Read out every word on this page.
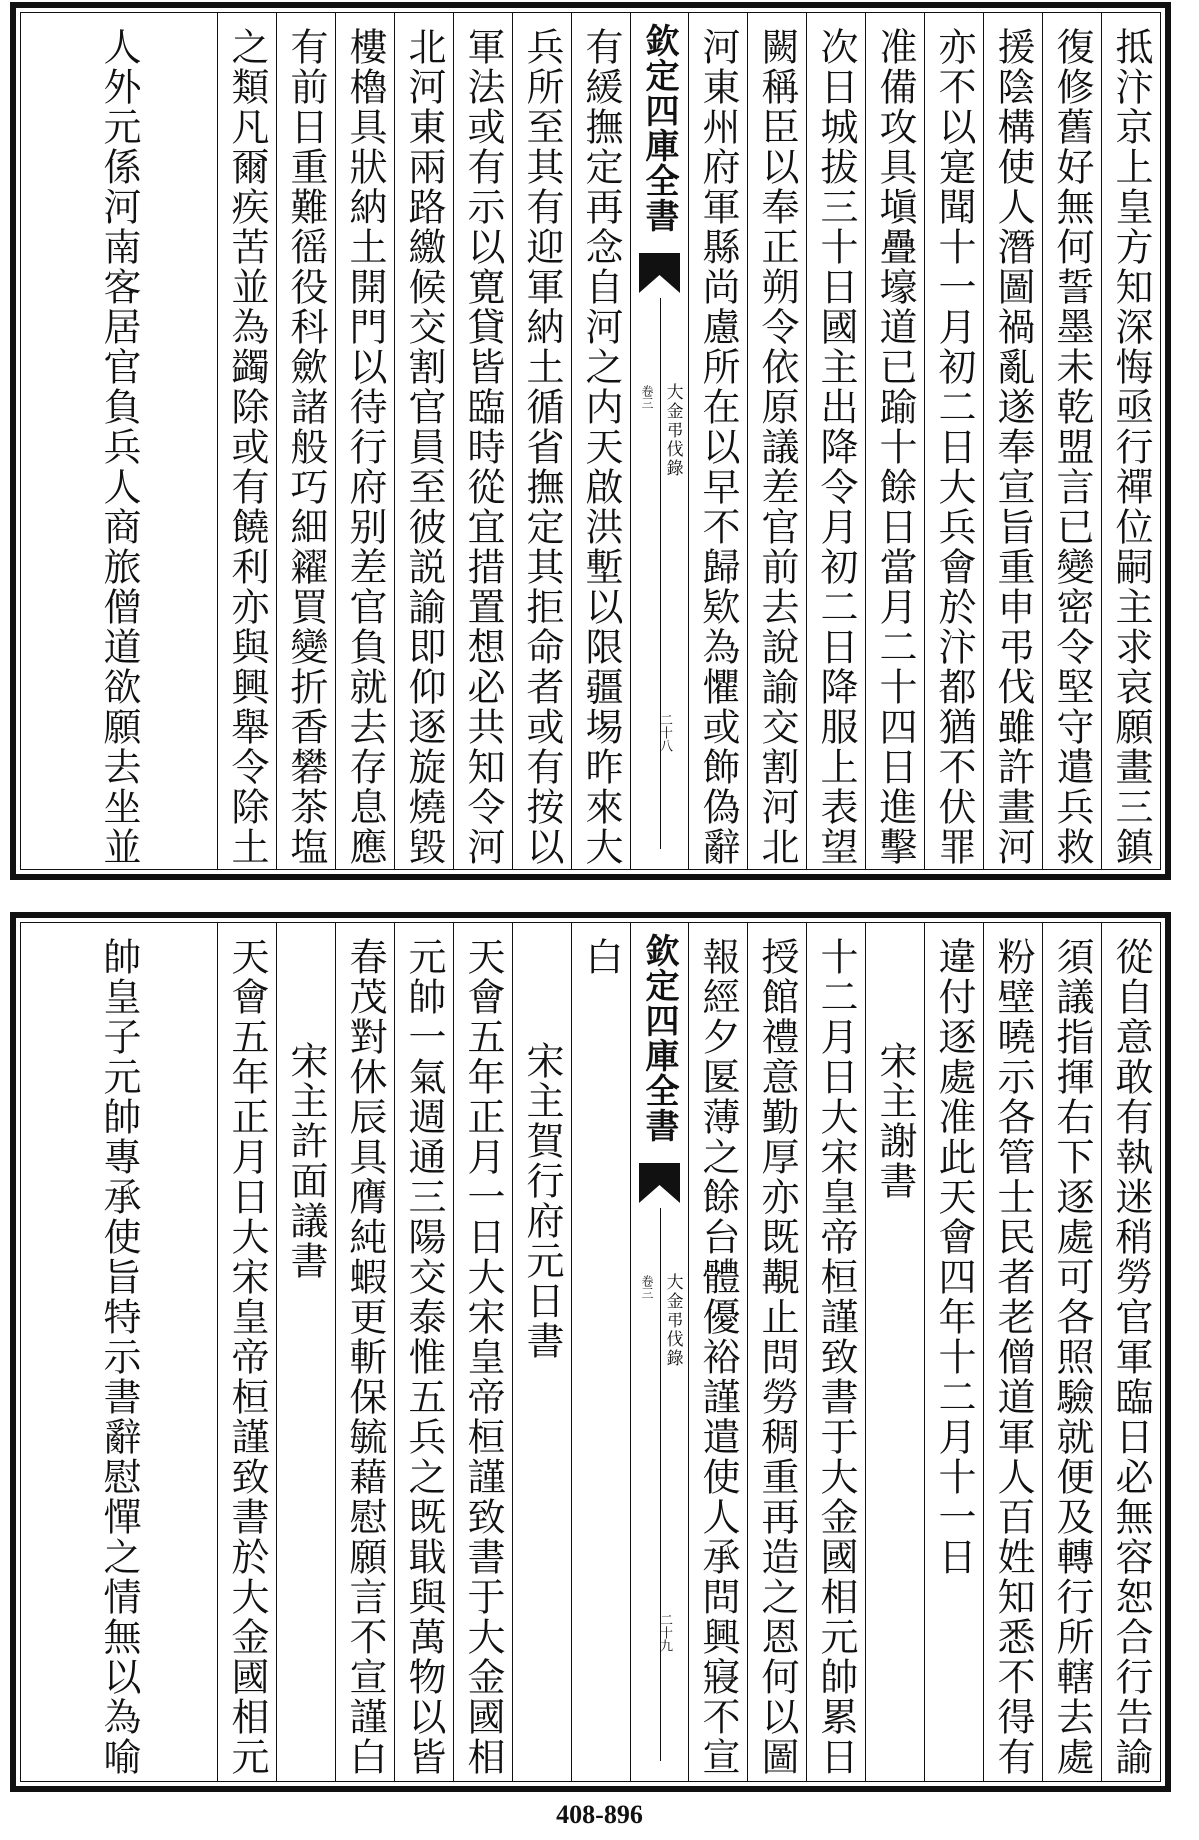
抵汴京上皇方知深悔亟行禪位嗣主求哀願畫三鎮
復修舊好無何誓墨未乾盟言已變密令堅守遣兵救
援陰構使人潛圖禍亂遂奉宣旨重申弔伐雖許畫河
亦不以寔聞十一月初二日大兵會於汴都猶不伏罪
准備攻具塡疊壕道已踰十餘日當月二十四日進擊
次日城拔三十日國主出降令月初二日降服上表望
闕稱臣以奉正朔令依原議差官前去說諭交割河北
河東州府軍縣尚慮所在以早不歸欵為懼或飾偽辭
欽定四庫全書
大金弔伐錄
卷三
二十八
有緩撫定再念自河之内天啟洪塹以限疆埸昨來大
兵所至其有迎軍納土循省撫定其拒命者或有按以
軍法或有示以寛貸皆臨時從宜措置想必共知令河
北河東兩路繳候交割官員至彼説諭即仰逐旋燒毀
樓櫓具狀納土開門以待行府别差官負就去存息應
有前日重難徭役科歛諸般巧細糴買變折香礬茶塩
之類凡爾疾苦並為蠲除或有饒利亦與興舉令除土
人外元係河南客居官負兵人商旅僧道欲願去坐並
從自意敢有執迷稍勞官軍臨日必無容恕合行告諭
須議指揮右下逐處可各照驗就便及轉行所轄去處
粉壁曉示各管士民者老僧道軍人百姓知悉不得有
違付逐處准此天會四年十二月十一日
宋主謝書
十二月日大宋皇帝桓謹致書于大金國相元帥累日
授館禮意勤厚亦既覯止問勞稠重再造之恩何以圖
報經夕匽薄之餘台體優裕謹遣使人承問興寢不宣
欽定四庫全書
大金弔伐錄
卷三
二十九
白
宋主賀行府元日書
天會五年正月一日大宋皇帝桓謹致書于大金國相
元帥一氣週通三陽交泰惟五兵之既戢與萬物以皆
春茂對休辰具膺純蝦更斬保毓藉慰願言不宣謹白
宋主許面議書
天會五年正月日大宋皇帝桓謹致書於大金國相元
帥皇子元帥專承使旨特示書辭慰憚之情無以為喻
408-896
